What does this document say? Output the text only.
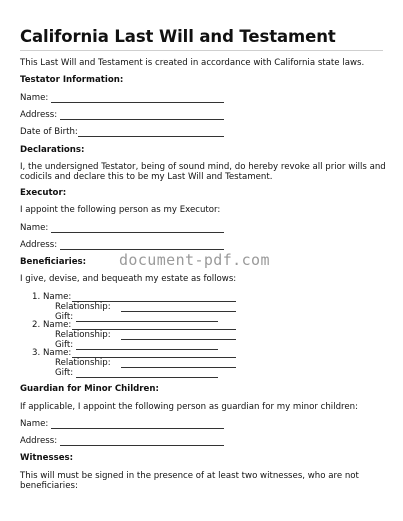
California Last Will and Testament
This Last Will and Testament is created in accordance with California state laws.
Testator Information:
Name:
Address:
Date of Birth:
Declarations:
I, the undersigned Testator, being of sound mind, do hereby revoke all prior wills and
codicils and declare this to be my Last Will and Testament.
Executor:
I appoint the following person as my Executor:
Name:
Address:
document-pdf.com
Beneficiaries:
I give, devise, and bequeath my estate as follows:
1. Name:
Relationship:
Gift:
2. Name:
Relationship:
Gift:
3. Name:
Relationship:
Gift:
Guardian for Minor Children:
If applicable, I appoint the following person as guardian for my minor children:
Name:
Address:
Witnesses:
This will must be signed in the presence of at least two witnesses, who are not
beneficiaries:
